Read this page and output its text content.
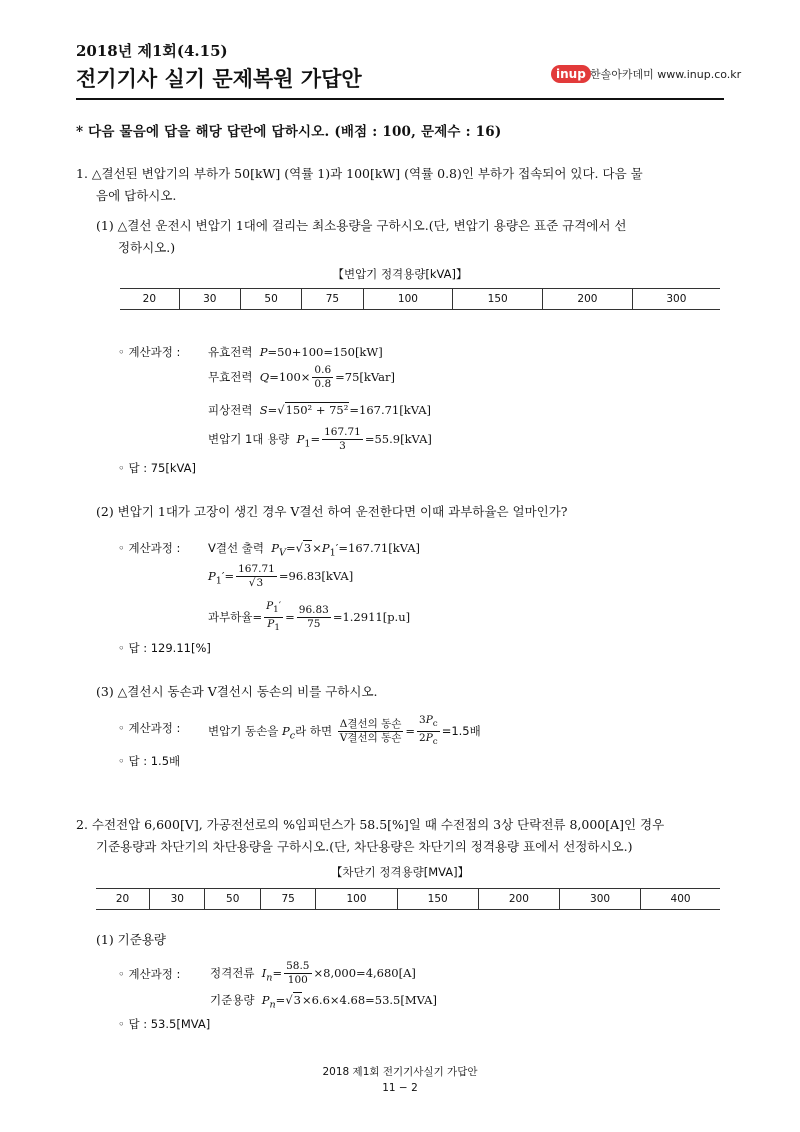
2018년 제1회(4.15)
전기기사 실기 문제복원 가답안	inup 한솔아카데미 www.inup.co.kr
* 다음 물음에 답을 해당 답란에 답하시오. (배점 : 100, 문제수 : 16)
1. △결선된 변압기의 부하가 50[kW] (역률 1)과 100[kW] (역률 0.8)인 부하가 접속되어 있다. 다음 물
음에 답하시오.
(1) △결선 운전시 변압기 1대에 걸리는 최소용량을 구하시오.(단, 변압기 용량은 표준 규격에서 선
정하시오.)
【변압기 정격용량[kVA]】
20	30	50	75	100	150	200	300
◦ 계산과정 : 유효전력 P=50+100=150[kW]
무효전력 $Q=100\times \frac{0.6}{0.8}$ =75[kVar]
피상전력 S=√150² + 75²=167.71[kVA]
변압기 1대 용량 $P_1= \frac{167.71}{3} =55.9[kVA]$
◦ 답 : 75[kVA]
(2) 변압기 1대가 고장이 생긴 경우 V결선 하여 운전한다면 이때 과부하율은 얼마인가?
◦ 계산과정 : V결선 출력 $P_V=√3\times P_1'=167.71[kVA]$
$P_1'= \frac{167.71}{√3} =96.83[kVA]$
과부하율= $\frac{P_1'}{P_1} = \frac{96.83}{75} =1.2911[p.u]$
◦ 답 : 129.11[%]
(3) △결선시 동손과 V결선시 동손의 비를 구하시오.
◦ 계산과정 : 변압기 동손을 $P_c$라 하면 $\frac{\text{Δ결선의 동손}}{\text{V결선의 동손}} = \frac{3P_c}{2P_c} =1.5$배
◦ 답 : 1.5배
2. 수전전압 6,600[V], 가공전선로의 %임피던스가 58.5[%]일 때 수전점의 3상 단락전류 8,000[A]인 경우
기준용량과 차단기의 차단용량을 구하시오.(단, 차단용량은 차단기의 정격용량 표에서 선정하시오.)
【차단기 정격용량[MVA]】
20	30	50	75	100	150	200	300	400
(1) 기준용량
◦ 계산과정 :	정격전류 $I_n= \frac{58.5}{100} \times 8,000=4,680[A]$
기준용량 $P_n=√3\times 6.6\times 4.68=53.5[MVA]$
◦ 답 : 53.5[MVA]
2018 제1회 전기기사실기 가답안
11 − 2
